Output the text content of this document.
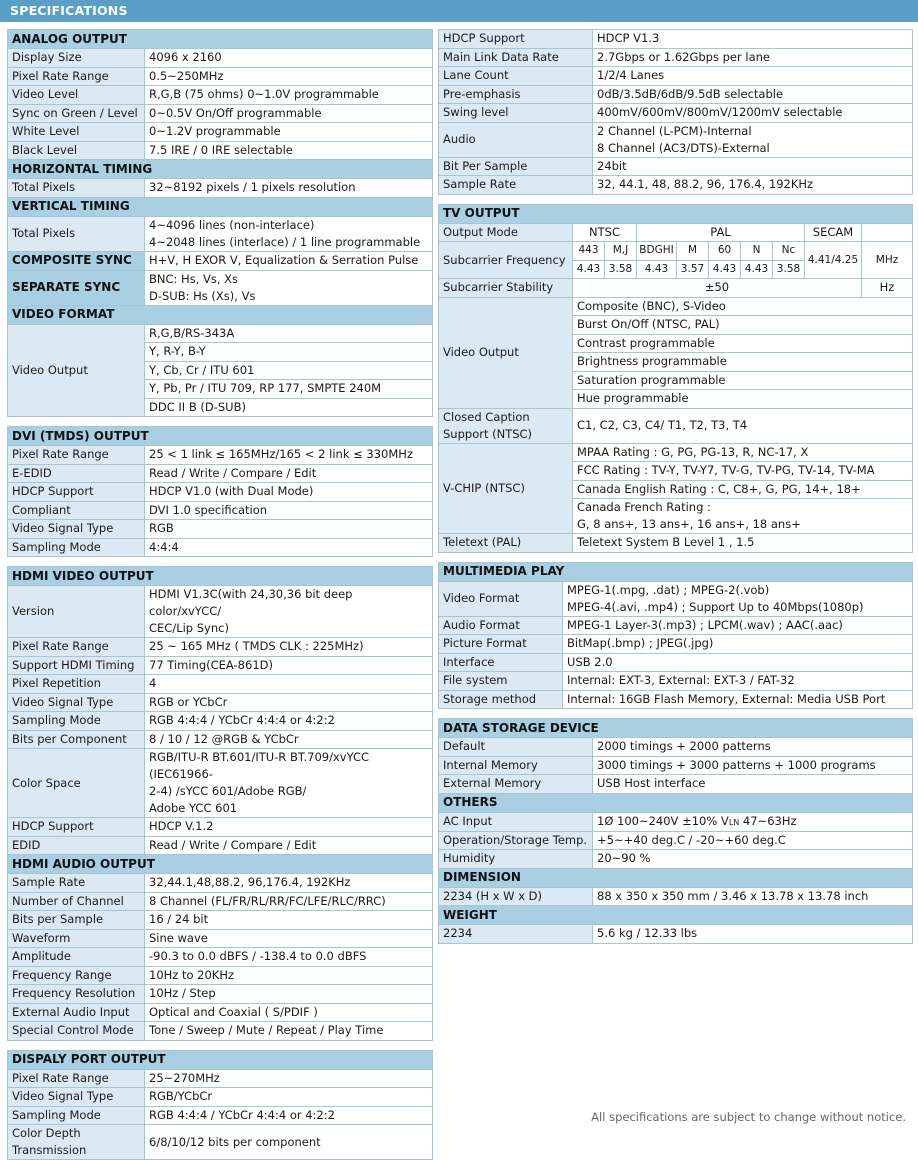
SPECIFICATIONS
ANALOG OUTPUT	
Display Size	4096 x 2160
Pixel Rate Range	0.5~250MHz
Video Level	R,G,B (75 ohms) 0~1.0V programmable
Sync on Green / Level	0~0.5V On/Off programmable
White Level	0~1.2V programmable
Black Level	7.5 IRE / 0 IRE selectable
HORIZONTAL TIMING	
Total Pixels	32~8192 pixels / 1 pixels resolution
VERTICAL TIMING	
Total Pixels	4~4096 lines (non-interlace)
4~2048 lines (interlace) / 1 line programmable

COMPOSITE SYNC	H+V, H EXOR V, Equalization & Serration Pulse
SEPARATE SYNC	BNC: Hs, Vs, Xs
D-SUB: Hs (Xs), Vs

VIDEO FORMAT	
Video Output	R,G,B/RS-343A
	Y, R-Y, B-Y
	Y, Cb, Cr / ITU 601
	Y, Pb, Pr / ITU 709, RP 177, SMPTE 240M
	DDC II B (D-SUB)
DVI (TMDS) OUTPUT	
Pixel Rate Range	25 < 1 link ≤ 165MHz/165 < 2 link ≤ 330MHz
E-EDID	Read / Write / Compare / Edit
HDCP Support	HDCP V1.0 (with Dual Mode)
Compliant	DVI 1.0 specification
Video Signal Type	RGB
Sampling Mode	4:4:4
HDMI VIDEO OUTPUT	
Version	HDMI V1.3C(with 24,30,36 bit deep color/xvYCC/
CEC/Lip Sync)

Pixel Rate Range	25 ~ 165 MHz ( TMDS CLK : 225MHz)
Support HDMI Timing	77 Timing(CEA-861D)
Pixel Repetition	4
Video Signal Type	RGB or YCbCr
Sampling Mode	RGB 4:4:4 / YCbCr 4:4:4 or 4:2:2
Bits per Component	8 / 10 / 12 @RGB & YCbCr
Color Space	RGB/ITU-R BT.601/ITU-R BT.709/xvYCC (IEC61966-
2-4) /sYCC 601/Adobe RGB/
Adobe YCC 601

HDCP Support	HDCP V.1.2
EDID	Read / Write / Compare / Edit
HDMI AUDIO OUTPUT	
Sample Rate	32,44.1,48,88.2, 96,176.4, 192KHz
Number of Channel	8 Channel (FL/FR/RL/RR/FC/LFE/RLC/RRC)
Bits per Sample	16 / 24 bit
Waveform	Sine wave
Amplitude	-90.3 to 0.0 dBFS / -138.4 to 0.0 dBFS
Frequency Range	10Hz to 20KHz
Frequency Resolution	10Hz / Step
External Audio Input	Optical and Coaxial ( S/PDIF )
Special Control Mode	Tone / Sweep / Mute / Repeat / Play Time
DISPALY PORT OUTPUT	
Pixel Rate Range	25~270MHz
Video Signal Type	RGB/YCbCr
Sampling Mode	RGB 4:4:4 / YCbCr 4:4:4 or 4:2:2

Color Depth
Transmission	6/8/10/12 bits per component
HDCP Support	HDCP V1.3
Main Link Data Rate	2.7Gbps or 1.62Gbps per lane
Lane Count	1/2/4 Lanes
Pre-emphasis	0dB/3.5dB/6dB/9.5dB selectable
Swing level	400mV/600mV/800mV/1200mV selectable
Audio	2 Channel (L-PCM)-Internal
8 Channel (AC3/DTS)-External

Bit Per Sample	24bit
Sample Rate	32, 44.1, 48, 88.2, 96, 176.4, 192KHz
TV OUTPUT									
Output Mode	NTSC		PAL					SECAM	
Subcarrier Frequency	443	M,J	BDGHI	M	60	N	Nc	4.41/4.25	MHz
	4.43	3.58	4.43	3.57	4.43	4.43	3.58		
Subcarrier Stability	±50								Hz
Video Output	Composite (BNC), S-Video								
	Burst On/Off (NTSC, PAL)								
	Contrast programmable								
	Brightness programmable								
	Saturation programmable								
	Hue programmable								

Closed Caption
Support (NTSC)	C1, C2, C3, C4/ T1, T2, T3, T4								
V-CHIP (NTSC)	MPAA Rating : G, PG, PG-13, R, NC-17, X								
	FCC Rating : TV-Y, TV-Y7, TV-G, TV-PG, TV-14, TV-MA								
	Canada English Rating : C, C8+, G, PG, 14+, 18+								

	Canada French Rating :
G, 8 ans+, 13 ans+, 16 ans+, 18 ans+								

Teletext (PAL)	Teletext System B Level 1 , 1.5								
MULTIMEDIA PLAY	
Video Format	MPEG-1(.mpg, .dat) ; MPEG-2(.vob)
MPEG-4(.avi, .mp4) ; Support Up to 40Mbps(1080p)

Audio Format	MPEG-1 Layer-3(.mp3) ; LPCM(.wav) ; AAC(.aac)
Picture Format	BitMap(.bmp) ; JPEG(.jpg)
Interface	USB 2.0
File system	Internal: EXT-3, External: EXT-3 / FAT-32
Storage method	Internal: 16GB Flash Memory, External: Media USB Port
DATA STORAGE DEVICE	
Default	2000 timings + 2000 patterns
Internal Memory	3000 timings + 3000 patterns + 1000 programs
External Memory	USB Host interface
OTHERS	
AC Input	1Ø 100~240V ±10% VLN 47~63Hz
Operation/Storage Temp.	+5~+40 deg.C / -20~+60 deg.C
Humidity	20~90 %
DIMENSION	
2234 (H x W x D)	88 x 350 x 350 mm / 3.46 x 13.78 x 13.78 inch
WEIGHT	
2234	5.6 kg / 12.33 lbs
All specifications are subject to change without notice.
